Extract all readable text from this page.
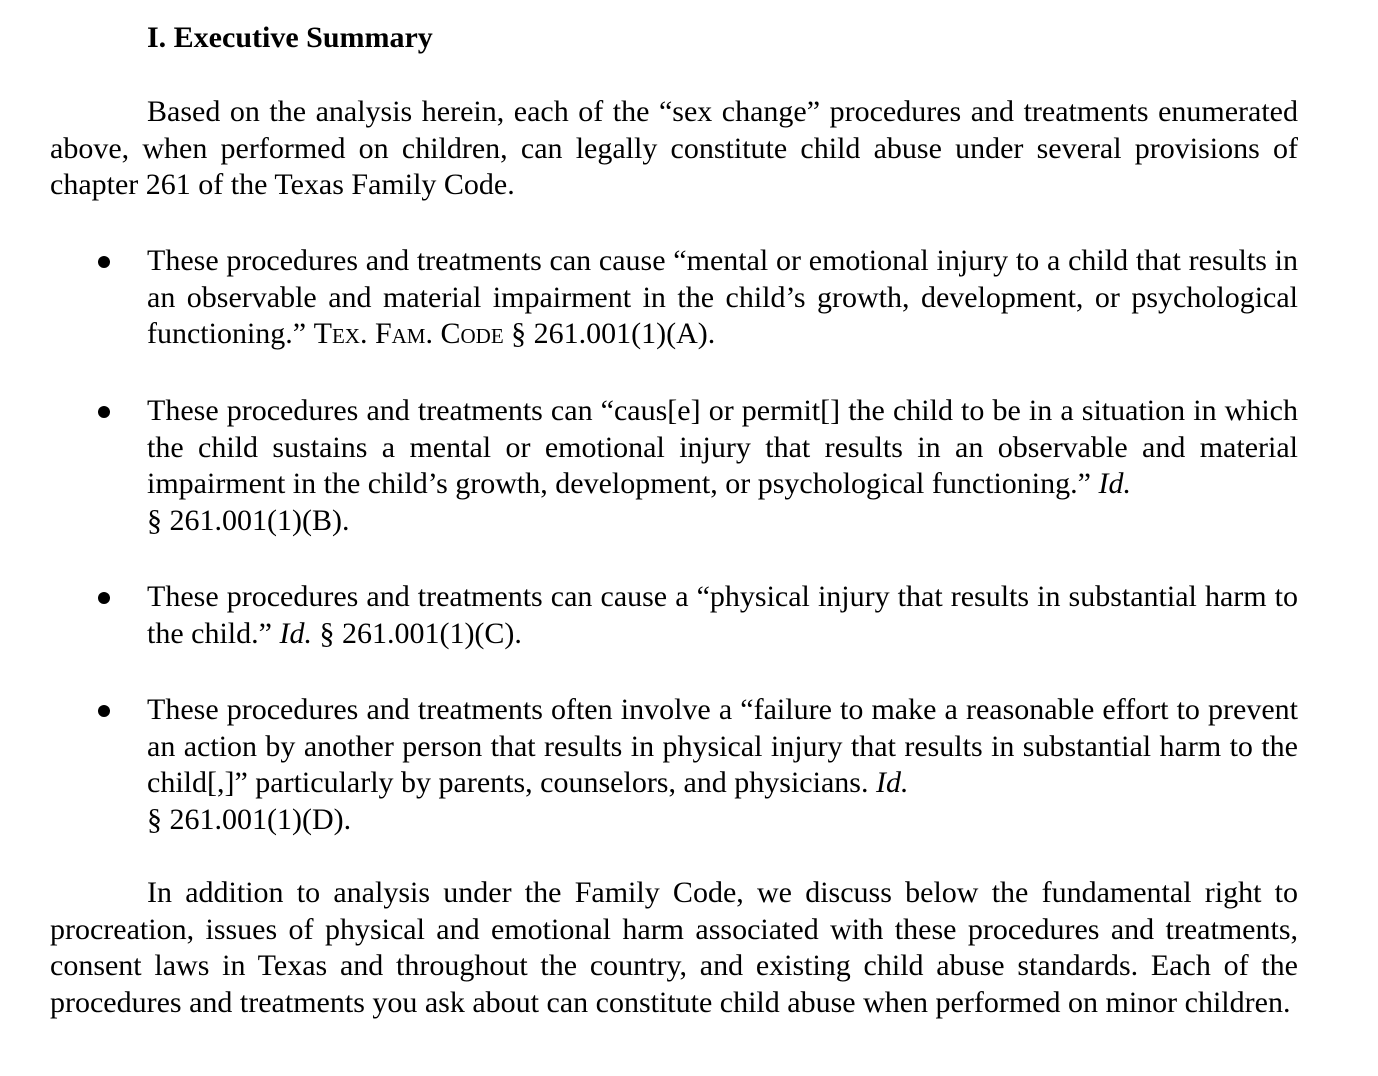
I. Executive Summary

Based on the analysis herein, each of the “sex change” procedures and treatments enumerated above, when performed on children, can legally constitute child abuse under several provisions of chapter 261 of the Texas Family Code.

These procedures and treatments can cause “mental or emotional injury to a child that results in an observable and material impairment in the child’s growth, development, or psychological functioning.” Tex. Fam. Code § 261.001(1)(A).

These procedures and treatments can “caus[e] or permit[] the child to be in a situation in which the child sustains a mental or emotional injury that results in an observable and material impairment in the child’s growth, development, or psychological functioning.” Id.
§ 261.001(1)(B).

These procedures and treatments can cause a “physical injury that results in substantial harm to the child.” Id. § 261.001(1)(C).

These procedures and treatments often involve a “failure to make a reasonable effort to prevent an action by another person that results in physical injury that results in substantial harm to the child[,]” particularly by parents, counselors, and physicians. Id.
§ 261.001(1)(D).

In addition to analysis under the Family Code, we discuss below the fundamental right to procreation, issues of physical and emotional harm associated with these procedures and treatments, consent laws in Texas and throughout the country, and existing child abuse standards. Each of the procedures and treatments you ask about can constitute child abuse when performed on minor children.
